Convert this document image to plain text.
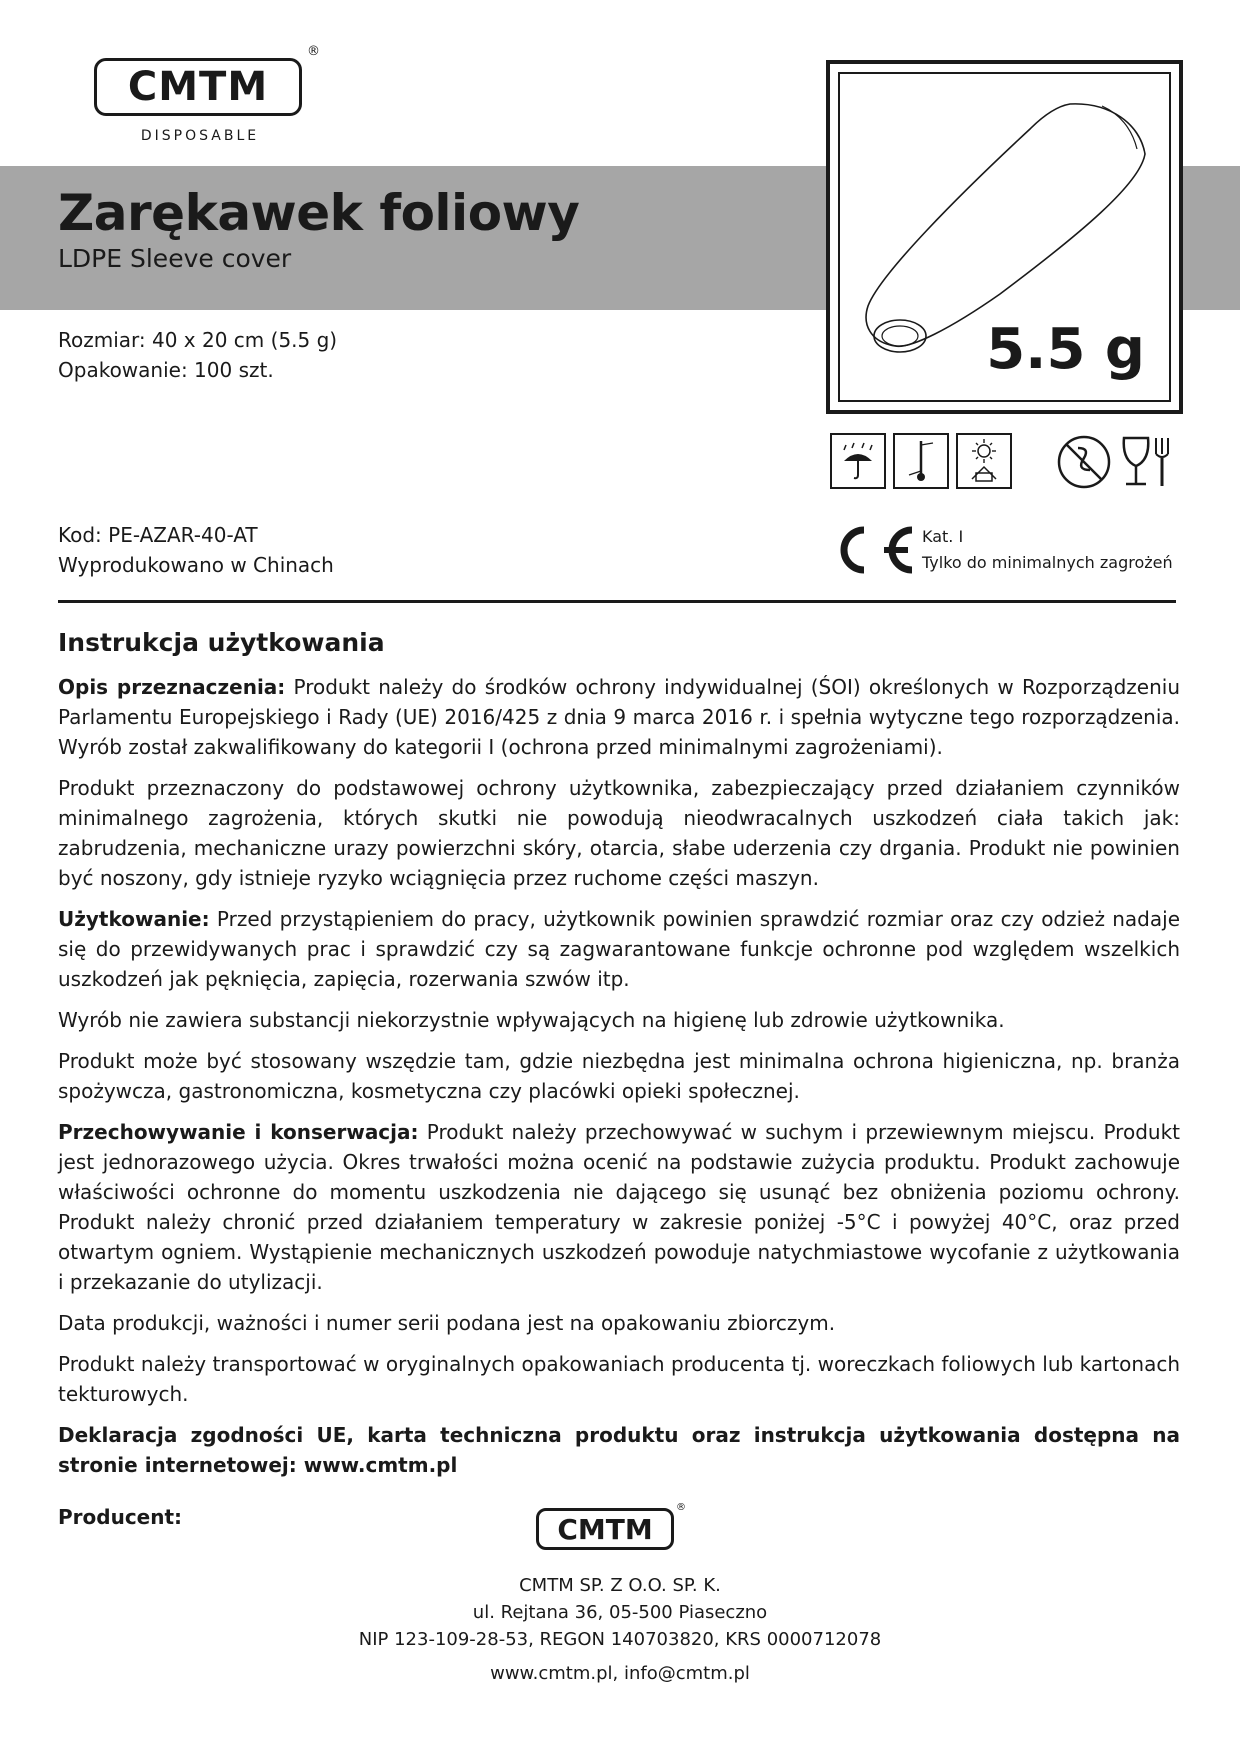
CMTM
®
DISPOSABLE
Zarękawek foliowy
LDPE Sleeve cover
Rozmiar: 40 x 20 cm (5.5 g)
Opakowanie: 100 szt.
Kod: PE-AZAR-40-AT
Wyprodukowano w Chinach
5.5 g
Kat. I
Tylko do minimalnych zagrożeń
Instrukcja użytkowania

Opis przeznaczenia: Produkt należy do środków ochrony indywidualnej (ŚOI) określonych w Rozporządzeniu Parlamentu Europejskiego i Rady (UE) 2016/425 z dnia 9 marca 2016 r. i spełnia wytyczne tego rozporządzenia. Wyrób został zakwalifikowany do kategorii I (ochrona przed minimalnymi zagrożeniami).

Produkt przeznaczony do podstawowej ochrony użytkownika, zabezpieczający przed działaniem czynników minimalnego zagrożenia, których skutki nie powodują nieodwracalnych uszkodzeń ciała takich jak: zabrudzenia, mechaniczne urazy powierzchni skóry, otarcia, słabe uderzenia czy drgania. Produkt nie powinien być noszony, gdy istnieje ryzyko wciągnięcia przez ruchome części maszyn.

Użytkowanie: Przed przystąpieniem do pracy, użytkownik powinien sprawdzić rozmiar oraz czy odzież nadaje się do przewidywanych prac i sprawdzić czy są zagwarantowane funkcje ochronne pod względem wszelkich uszkodzeń jak pęknięcia, zapięcia, rozerwania szwów itp.

Wyrób nie zawiera substancji niekorzystnie wpływających na higienę lub zdrowie użytkownika.

Produkt może być stosowany wszędzie tam, gdzie niezbędna jest minimalna ochrona higieniczna, np. branża spożywcza, gastronomiczna, kosmetyczna czy placówki opieki społecznej.

Przechowywanie i konserwacja: Produkt należy przechowywać w suchym i przewiewnym miejscu. Produkt jest jednorazowego użycia. Okres trwałości można ocenić na podstawie zużycia produktu. Produkt zachowuje właściwości ochronne do momentu uszkodzenia nie dającego się usunąć bez obniżenia poziomu ochrony. Produkt należy chronić przed działaniem temperatury w zakresie poniżej -5°C i powyżej 40°C, oraz przed otwartym ogniem. Wystąpienie mechanicznych uszkodzeń powoduje natychmiastowe wycofanie z użytkowania i przekazanie do utylizacji.

Data produkcji, ważności i numer serii podana jest na opakowaniu zbiorczym.

Produkt należy transportować w oryginalnych opakowaniach producenta tj. woreczkach foliowych lub kartonach tekturowych.

Deklaracja zgodności UE, karta techniczna produktu oraz instrukcja użytkowania dostępna na stronie internetowej: www.cmtm.pl

Producent:	CMTM
®
CMTM SP. Z O.O. SP. K.
ul. Rejtana 36, 05-500 Piaseczno
NIP 123-109-28-53, REGON 140703820, KRS 0000712078
www.cmtm.pl, info@cmtm.pl
